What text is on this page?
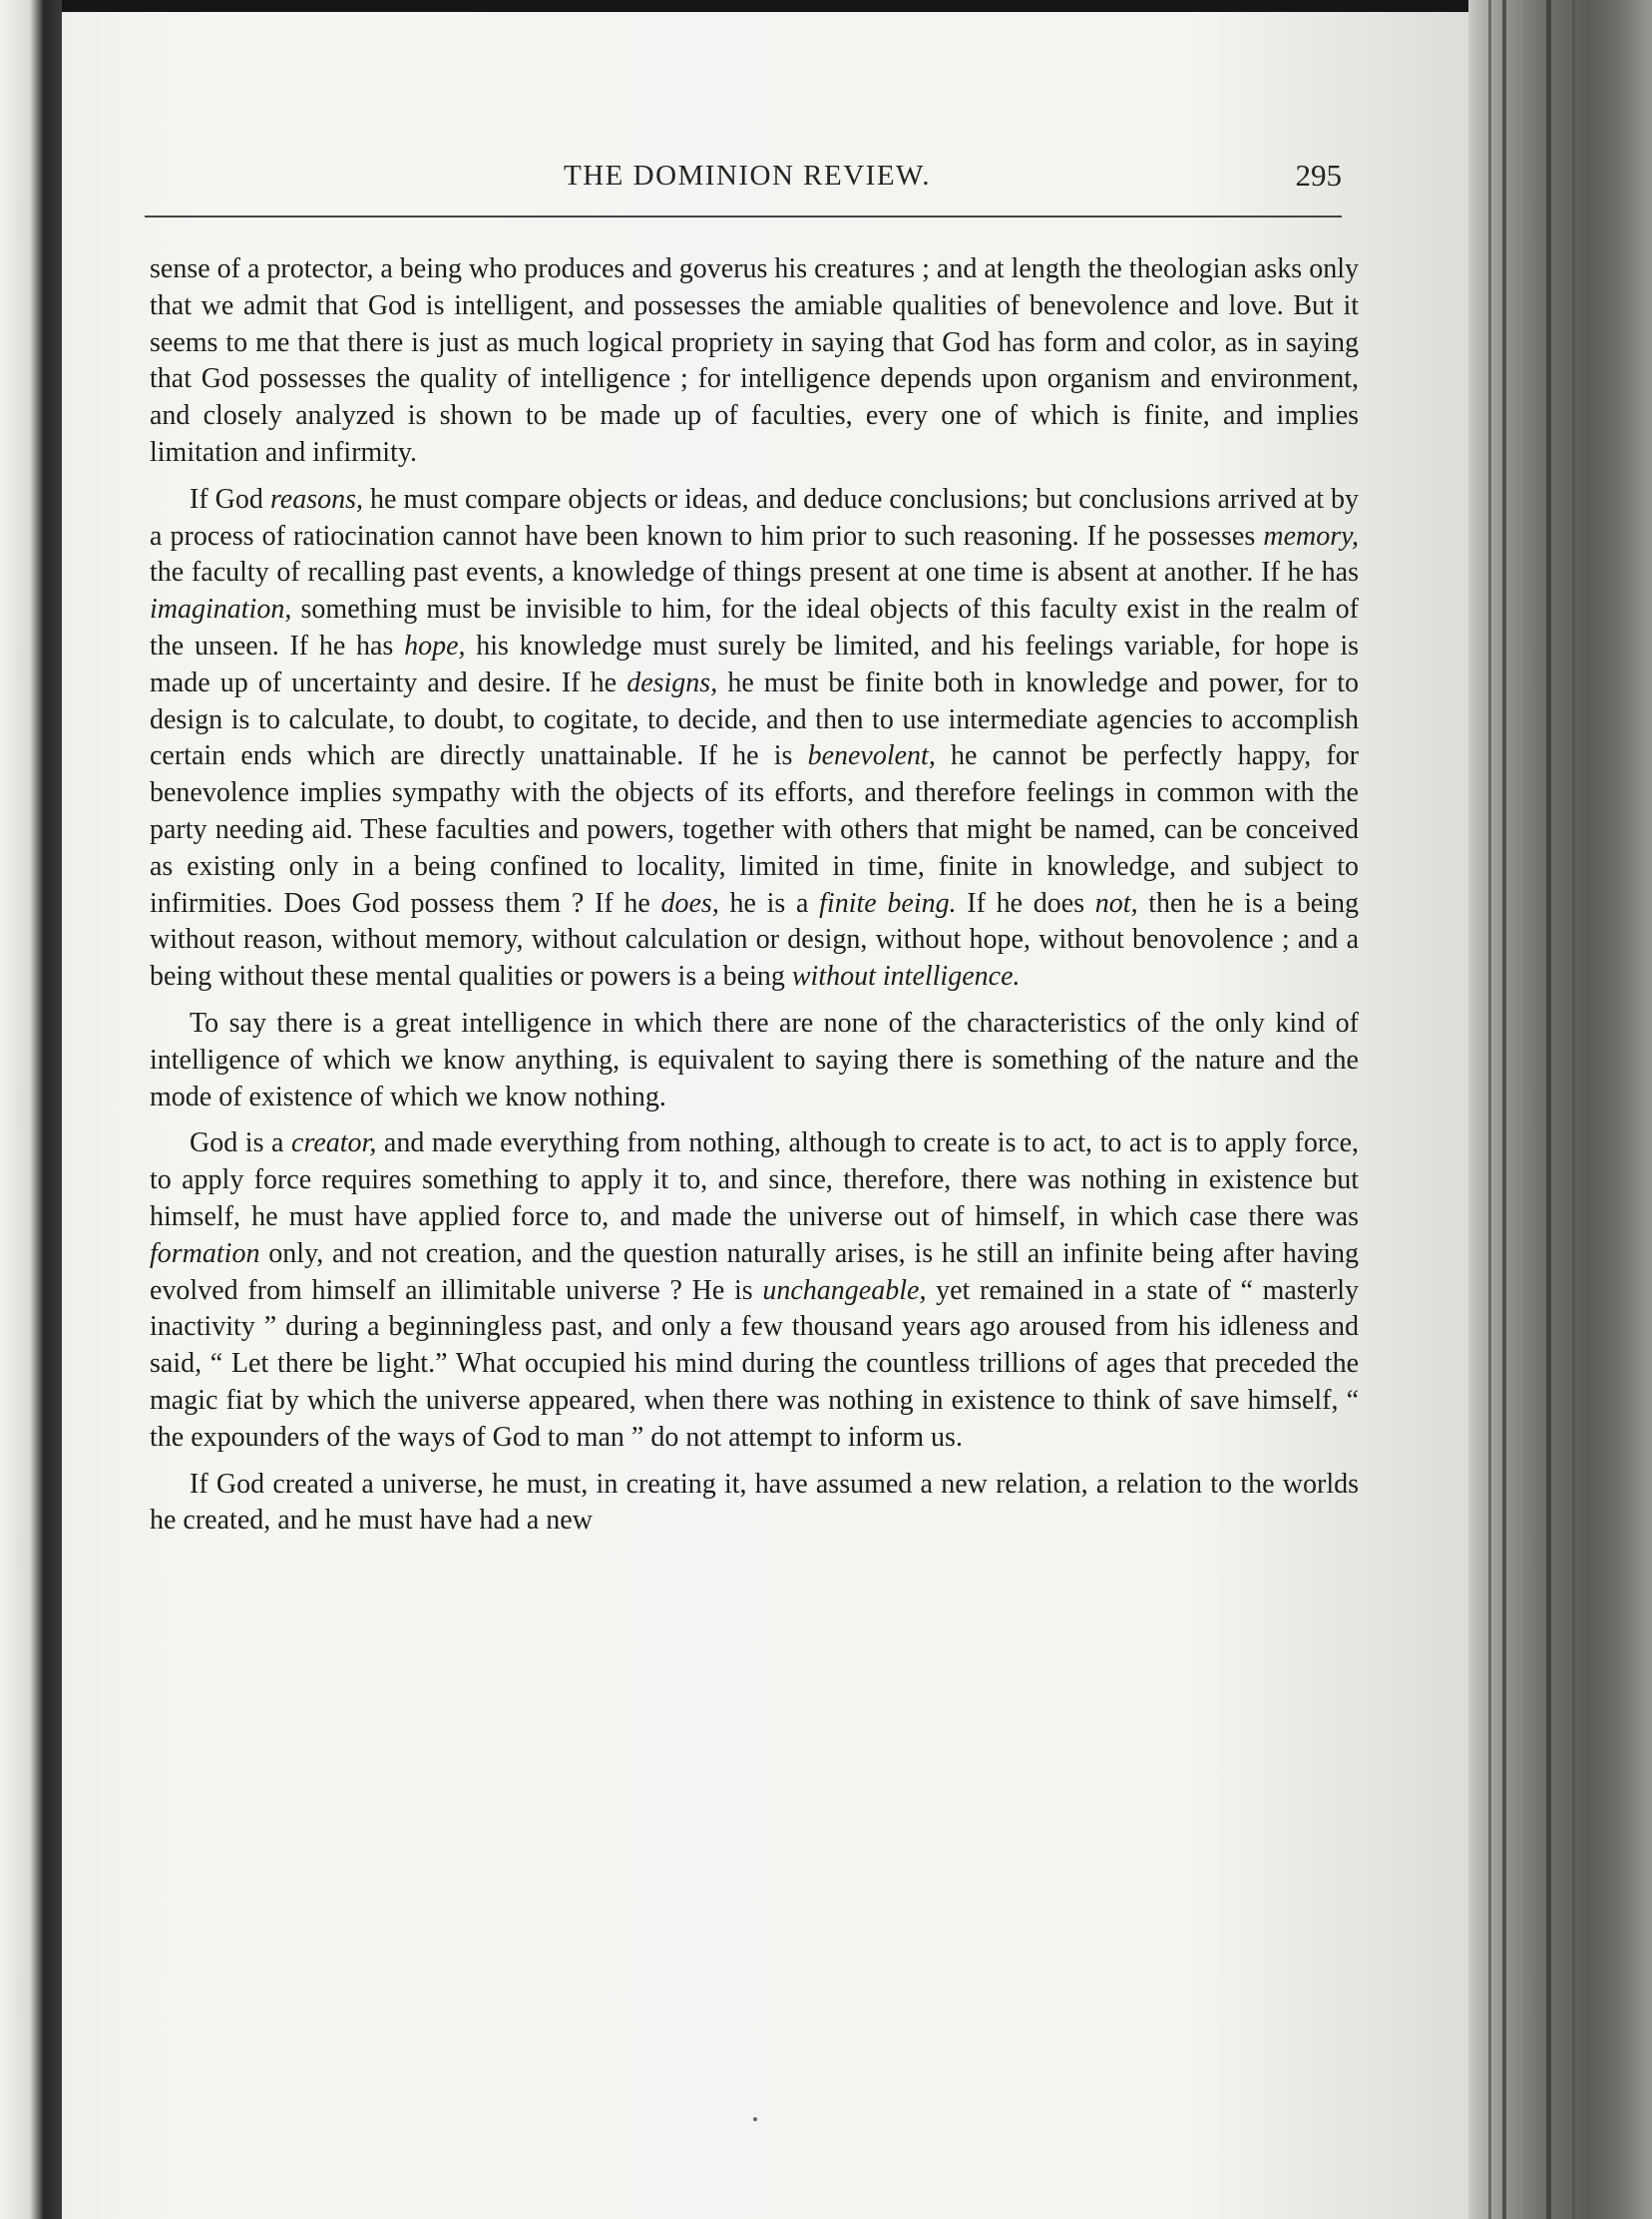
THE DOMINION REVIEW.	295

sense of a protector, a being who produces and goverus his creatures ; and at length the theologian asks only that we admit that God is intelligent, and possesses the amiable qualities of benevolence and love. But it seems to me that there is just as much logical propriety in saying that God has form and color, as in saying that God possesses the quality of intelligence ; for intelligence depends upon organism and environment, and closely analyzed is shown to be made up of faculties, every one of which is finite, and implies limitation and infirmity.

If God reasons, he must compare objects or ideas, and deduce conclusions; but conclusions arrived at by a process of ratiocination cannot have been known to him prior to such reasoning. If he possesses memory, the faculty of recalling past events, a knowledge of things present at one time is absent at another. If he has imagination, something must be invisible to him, for the ideal objects of this faculty exist in the realm of the unseen. If he has hope, his knowledge must surely be limited, and his feelings variable, for hope is made up of uncertainty and desire. If he designs, he must be finite both in knowledge and power, for to design is to calculate, to doubt, to cogitate, to decide, and then to use intermediate agencies to accomplish certain ends which are directly unattainable. If he is benevolent, he cannot be perfectly happy, for benevolence implies sympathy with the objects of its efforts, and therefore feelings in common with the party needing aid. These faculties and powers, together with others that might be named, can be conceived as existing only in a being confined to locality, limited in time, finite in knowledge, and subject to infirmities. Does God possess them ? If he does, he is a finite being. If he does not, then he is a being without reason, without memory, without calculation or design, without hope, without benovolence ; and a being without these mental qualities or powers is a being without intelligence.

To say there is a great intelligence in which there are none of the characteristics of the only kind of intelligence of which we know anything, is equivalent to saying there is something of the nature and the mode of existence of which we know nothing.

God is a creator, and made everything from nothing, although to create is to act, to act is to apply force, to apply force requires something to apply it to, and since, therefore, there was nothing in existence but himself, he must have applied force to, and made the universe out of himself, in which case there was formation only, and not creation, and the question naturally arises, is he still an infinite being after having evolved from himself an illimitable universe ? He is unchangeable, yet remained in a state of “ masterly inactivity ” during a beginningless past, and only a few thousand years ago aroused from his idleness and said, “ Let there be light.” What occupied his mind during the countless trillions of ages that preceded the magic fiat by which the universe appeared, when there was nothing in existence to think of save himself, “ the expounders of the ways of God to man ” do not attempt to inform us.

If God created a universe, he must, in creating it, have assumed a new relation, a relation to the worlds he created, and he must have had a new
